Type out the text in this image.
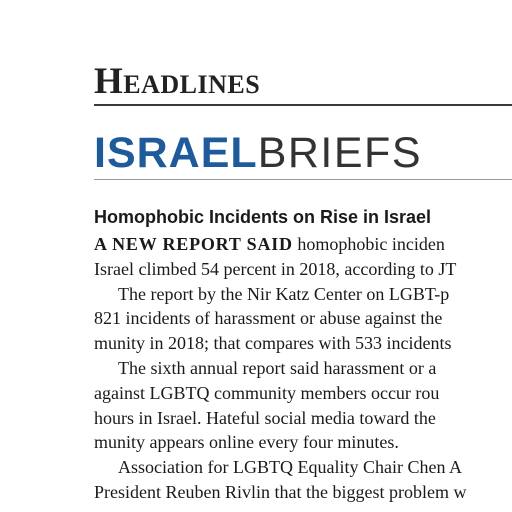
Headlines
ISRAELBRIEFS
Homophobic Incidents on Rise in Israel
A NEW REPORT SAID homophobic inciden
Israel climbed 54 percent in 2018, according to JT
The report by the Nir Katz Center on LGBT-p
821 incidents of harassment or abuse against the
munity in 2018; that compares with 533 incidents
The sixth annual report said harassment or a
against LGBTQ community members occur rou
hours in Israel. Hateful social media toward the
munity appears online every four minutes.
Association for LGBTQ Equality Chair Chen A
President Reuben Rivlin that the biggest problem w
